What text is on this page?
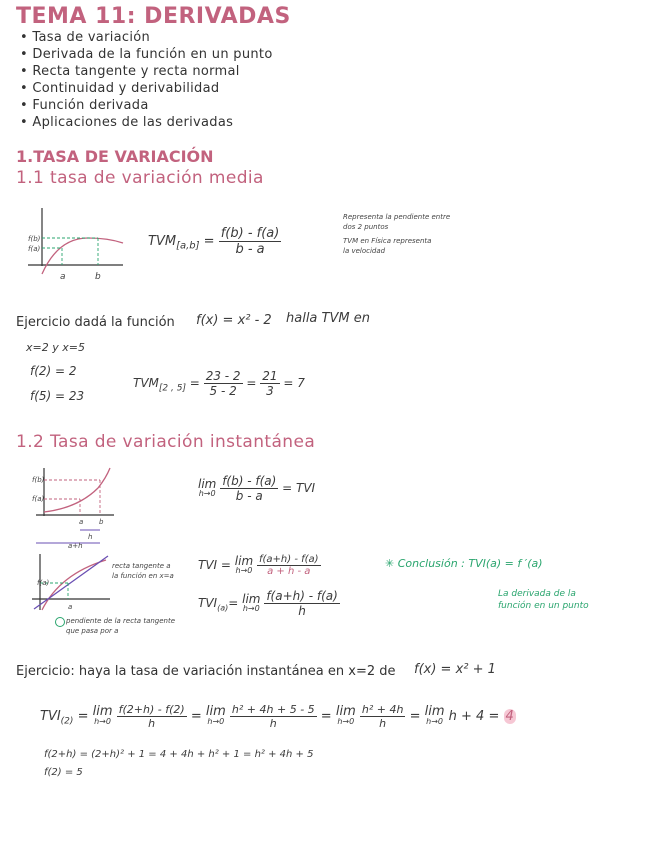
TEMA 11: DERIVADAS
• Tasa de variación
• Derivada de la función en un punto
• Recta tangente y recta normal
• Continuidad y derivabilidad
• Función derivada
• Aplicaciones de las derivadas
1.TASA DE VARIACIÓN
1.1 tasa de variación media
f(b)
f(a)
a	b
$TVM_{[a,b]} = \frac{f(b) - f(a)}{b - a}$
Representa la pendiente entre
dos 2 puntos
TVM en Física representa
la velocidad
Ejercicio dadá la función f(x) = x² - 2 halla TVM en
x=2 y x=5
f(2) = 2
f(5) = 23
$TVM_{[2 , 5]} = \frac{23 - 2}{5 - 2} = \frac{21}{3} = 7$
1.2 Tasa de variación instantánea
f(b)
f(a)
a b
h
a+h
lim
h→0
$\frac{f(b) - f(a)}{b - a}$ = TVI
f(a)
a
recta tangente a la función en x=a
pendiente de la recta tangente que pasa por a
TVI = lim
h→0
$\frac{f(a+h) - f(a)}{a + h - a}$
$TVI_{(a)}= \lim$
h→0
$\frac{f(a+h) - f(a)}{h}$
✳ Conclusión : TVI(a) = f ′(a)
La derivada de la
función en un punto
Ejercicio: haya la tasa de variación instantánea en x=2 de f(x) = x² + 1
$TVI_{(2)} = \lim$
h→0
$\frac{f(2+h) - f(2)}{h} = \lim$
h→0
$\frac{\text{h² + 4h + 5 - 5}}{h} = \lim$
h→0
$\frac{\text{h² + 4h}}{h} = \lim$
h→0 h + 4 = 4
f(2+h) = (2+h)² + 1 = 4 + 4h + h² + 1 = h² + 4h + 5
f(2) = 5
